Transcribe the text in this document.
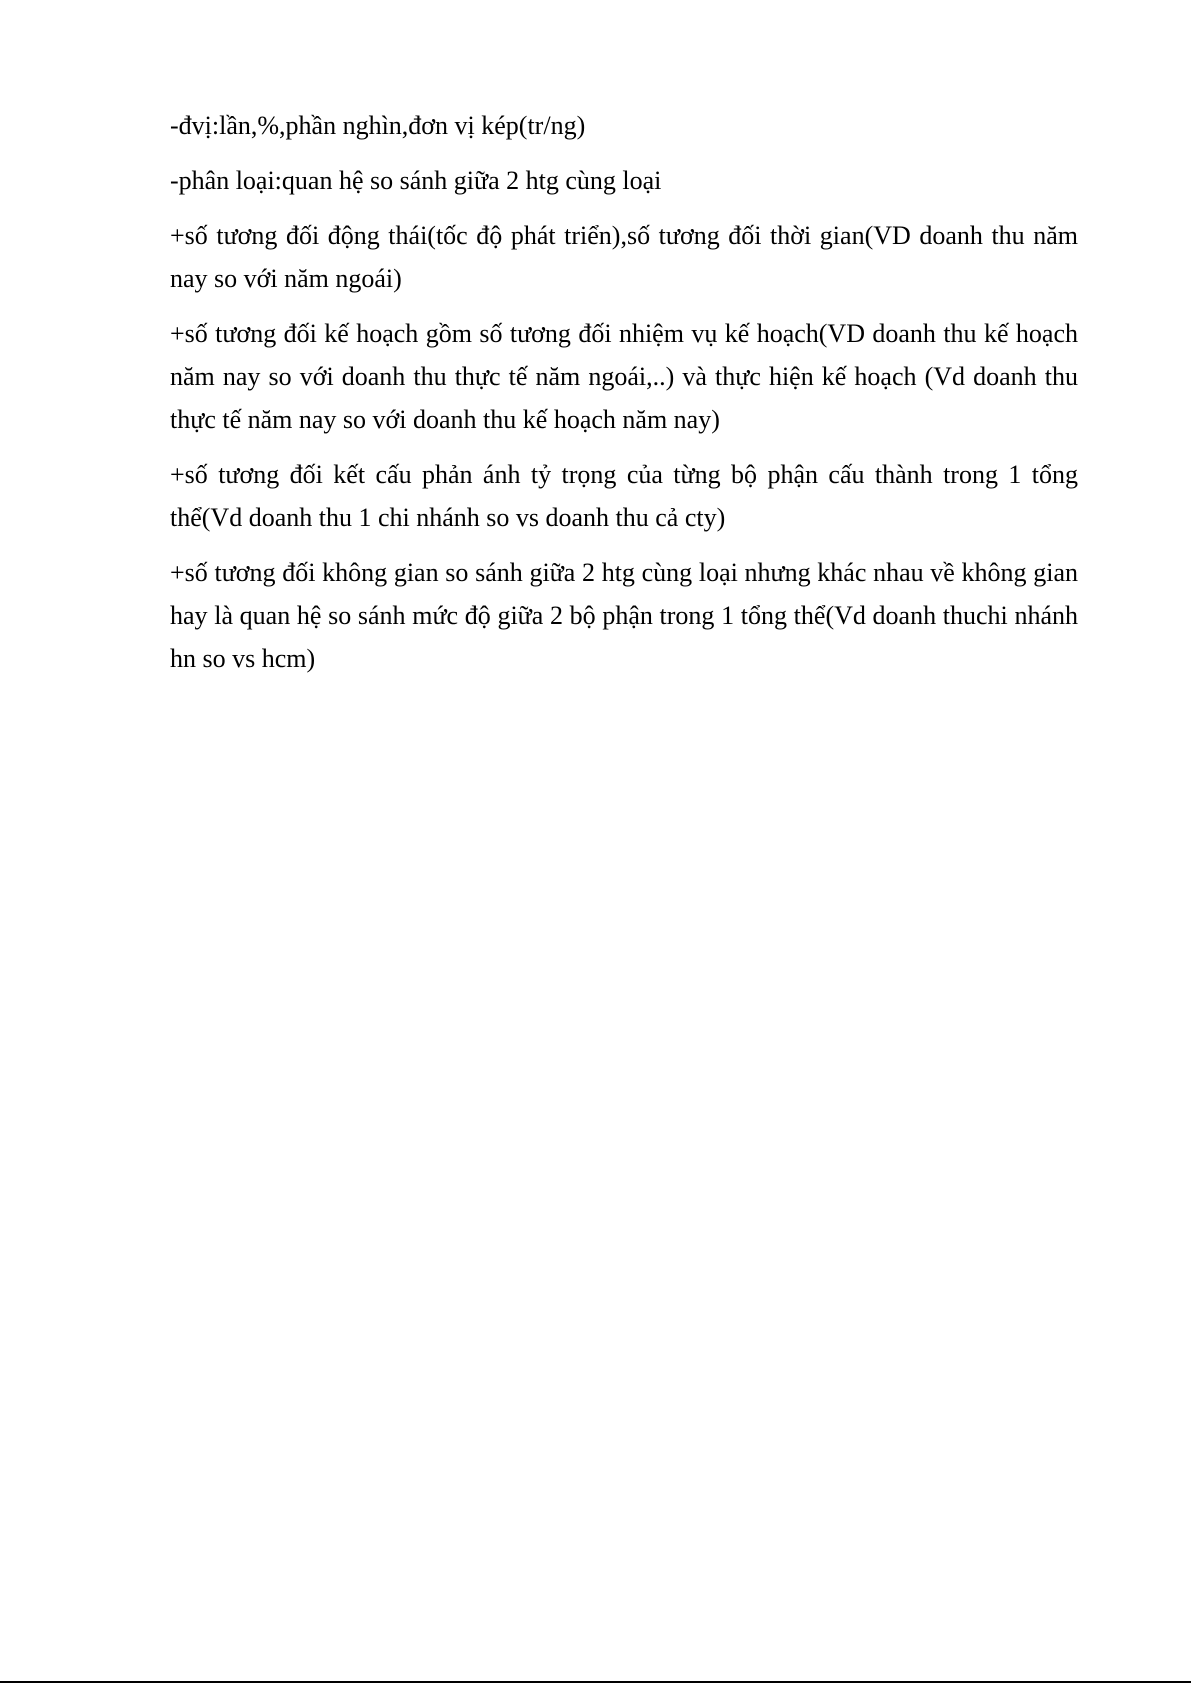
-đvị:lần,%,phần nghìn,đơn vị kép(tr/ng)

-phân loại:quan hệ so sánh giữa 2 htg cùng loại

+số tương đối động thái(tốc độ phát triển),số tương đối thời gian(VD doanh thu năm nay so với năm ngoái)

+số tương đối kế hoạch gồm số tương đối nhiệm vụ kế hoạch(VD doanh thu kế hoạch năm nay so với doanh thu thực tế năm ngoái,..) và thực hiện kế hoạch (Vd doanh thu thực tế năm nay so với doanh thu kế hoạch năm nay)

+số tương đối kết cấu phản ánh tỷ trọng của từng bộ phận cấu thành trong 1 tổng thể(Vd doanh thu 1 chi nhánh so vs doanh thu cả cty)

+số tương đối không gian so sánh giữa 2 htg cùng loại nhưng khác nhau về không gian hay là quan hệ so sánh mức độ giữa 2 bộ phận trong 1 tổng thể(Vd doanh thuchi nhánh hn so vs hcm)
